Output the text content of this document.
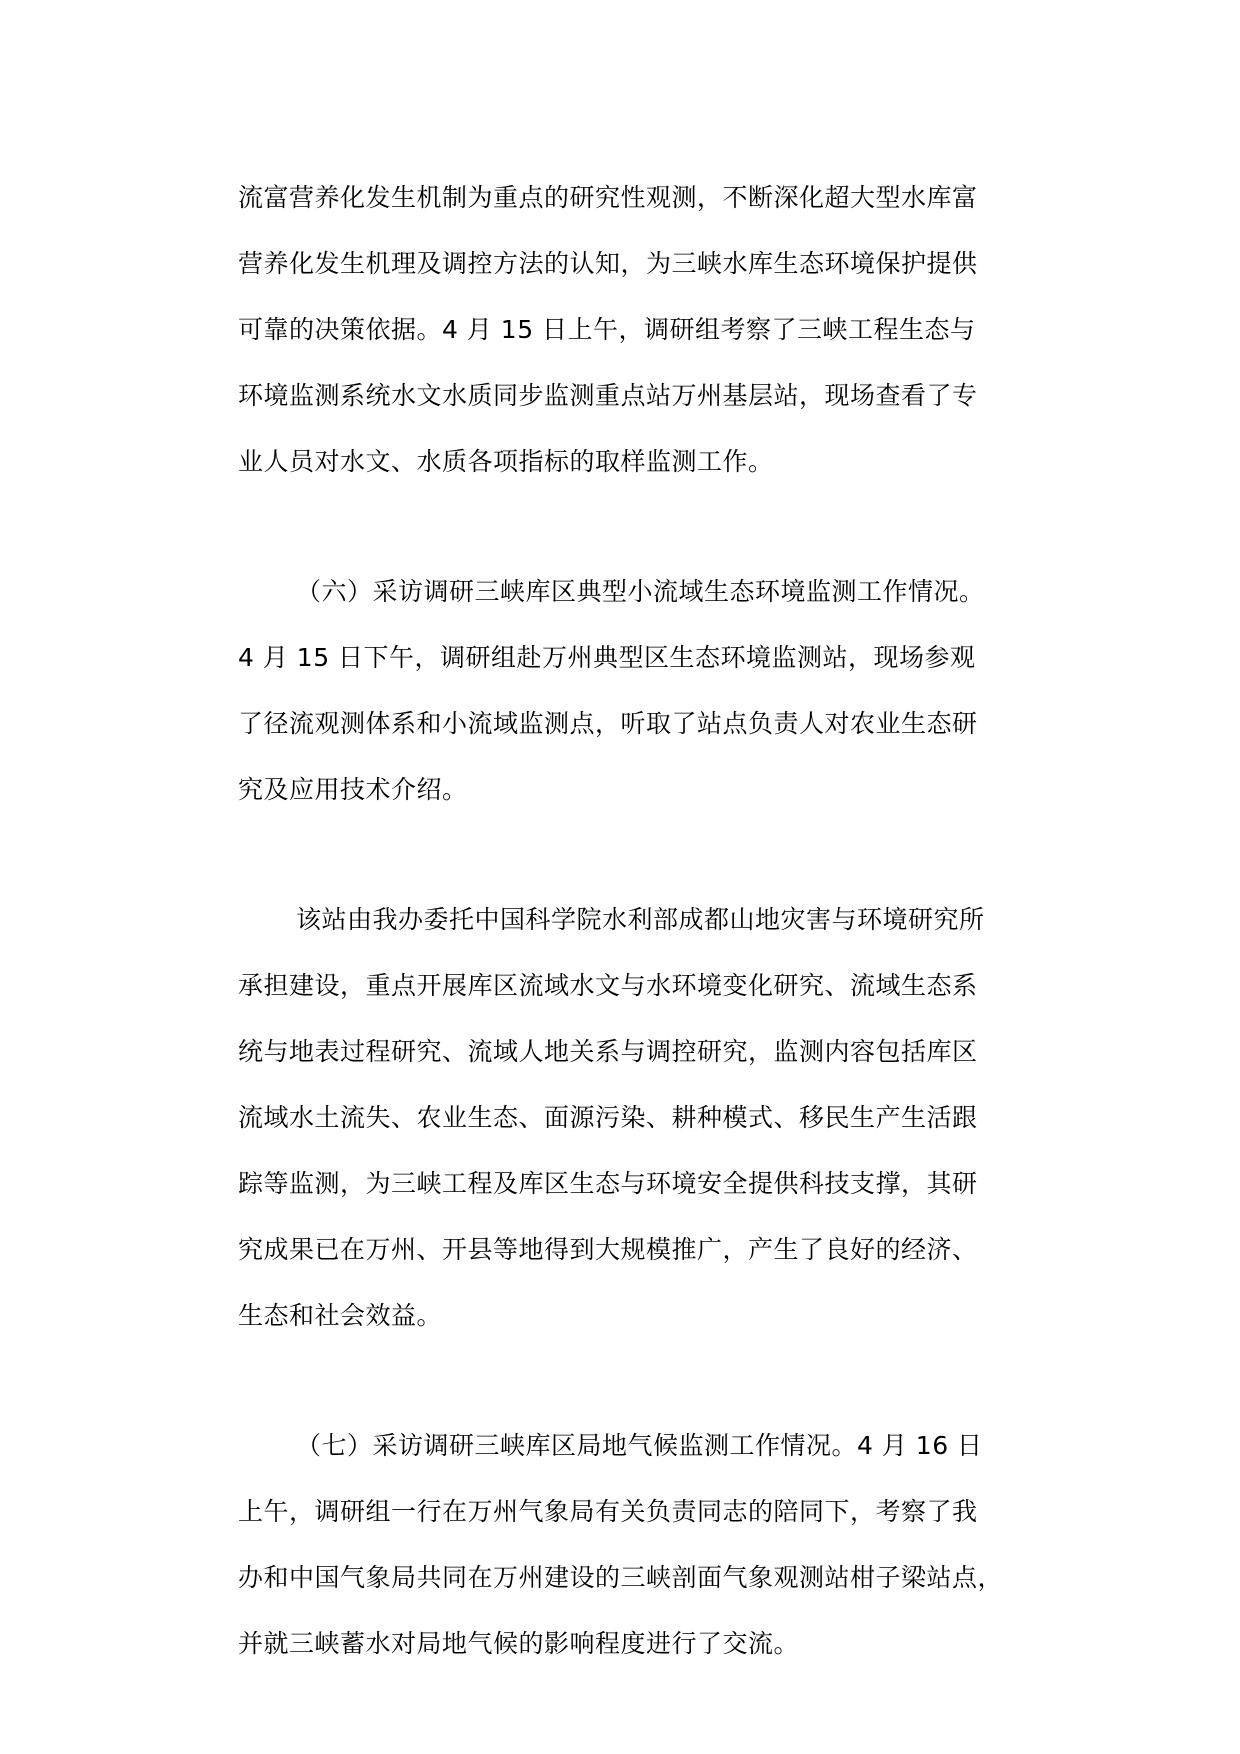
流富营养化发生机制为重点的研究性观测，不断深化超大型水库富
营养化发生机理及调控方法的认知，为三峡水库生态环境保护提供
可靠的决策依据。4 月 15 日上午，调研组考察了三峡工程生态与
环境监测系统水文水质同步监测重点站万州基层站，现场查看了专
业人员对水文、水质各项指标的取样监测工作。
（六）采访调研三峡库区典型小流域生态环境监测工作情况。
4 月 15 日下午，调研组赴万州典型区生态环境监测站，现场参观
了径流观测体系和小流域监测点，听取了站点负责人对农业生态研
究及应用技术介绍。
该站由我办委托中国科学院水利部成都山地灾害与环境研究所
承担建设，重点开展库区流域水文与水环境变化研究、流域生态系
统与地表过程研究、流域人地关系与调控研究，监测内容包括库区
流域水土流失、农业生态、面源污染、耕种模式、移民生产生活跟
踪等监测，为三峡工程及库区生态与环境安全提供科技支撑，其研
究成果已在万州、开县等地得到大规模推广，产生了良好的经济、
生态和社会效益。
（七）采访调研三峡库区局地气候监测工作情况。4 月 16 日
上午，调研组一行在万州气象局有关负责同志的陪同下，考察了我
办和中国气象局共同在万州建设的三峡剖面气象观测站柑子梁站点，
并就三峡蓄水对局地气候的影响程度进行了交流。
